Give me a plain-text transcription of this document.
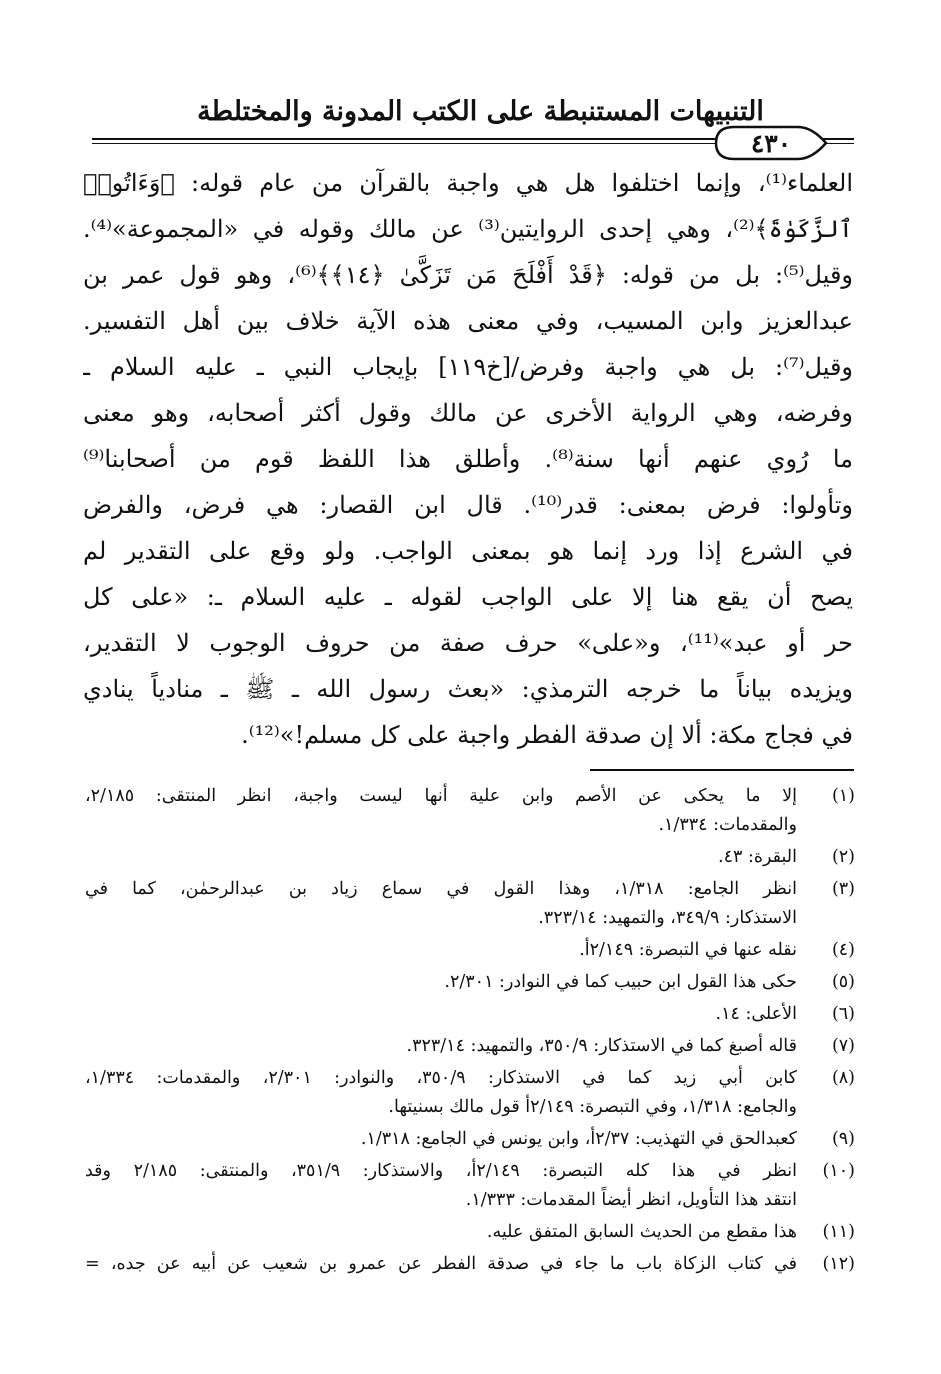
التنبيهات المستنبطة على الكتب المدونة والمختلطة
٤٣٠
العلماء⁽¹⁾، وإنما اختلفوا هل هي واجبة بالقرآن من عام قوله: ﴿وَءَاتُوا۟
ٱلزَّكَوٰةَ﴾⁽²⁾، وهي إحدى الروايتين⁽³⁾ عن مالك وقوله في «المجموعة»⁽⁴⁾.
وقيل⁽⁵⁾: بل من قوله: ﴿قَدْ أَفْلَحَ مَن تَزَكَّىٰ ﴿١٤﴾﴾⁽⁶⁾، وهو قول عمر بن
عبدالعزيز وابن المسيب، وفي معنى هذه الآية خلاف بين أهل التفسير.
وقيل⁽⁷⁾: بل هي واجبة وفرض/[خ١١٩] بإيجاب النبي ـ عليه السلام ـ
وفرضه، وهي الرواية الأخرى عن مالك وقول أكثر أصحابه، وهو معنى
ما رُوي عنهم أنها سنة⁽⁸⁾. وأطلق هذا اللفظ قوم من أصحابنا⁽⁹⁾
وتأولوا: فرض بمعنى: قدر⁽¹⁰⁾. قال ابن القصار: هي فرض، والفرض
في الشرع إذا ورد إنما هو بمعنى الواجب. ولو وقع على التقدير لم
يصح أن يقع هنا إلا على الواجب لقوله ـ عليه السلام ـ: «على كل
حر أو عبد»⁽¹¹⁾، و«على» حرف صفة من حروف الوجوب لا التقدير،
ويزيده بياناً ما خرجه الترمذي: «بعث رسول الله ـ ﷺ ـ منادياً ينادي
في فجاج مكة: ألا إن صدقة الفطر واجبة على كل مسلم!»⁽¹²⁾.
(١)
إلا ما يحكى عن الأصم وابن علية أنها ليست واجبة، انظر المنتقى: ٢/١٨٥،
والمقدمات: ١/٣٣٤.
(٢)
البقرة: ٤٣.
(٣)
انظر الجامع: ١/٣١٨، وهذا القول في سماع زياد بن عبدالرحمٰن، كما في
الاستذكار: ٣٤٩/٩، والتمهيد: ٣٢٣/١٤.
(٤)
نقله عنها في التبصرة: ٢/١٤٩أ.
(٥)
حكى هذا القول ابن حبيب كما في النوادر: ٢/٣٠١.
(٦)
الأعلى: ١٤.
(٧)
قاله أصبغ كما في الاستذكار: ٣٥٠/٩، والتمهيد: ٣٢٣/١٤.
(٨)
كابن أبي زيد كما في الاستذكار: ٣٥٠/٩، والنوادر: ٢/٣٠١، والمقدمات: ١/٣٣٤،
والجامع: ١/٣١٨، وفي التبصرة: ٢/١٤٩أ قول مالك بسنيتها.
(٩)
كعبدالحق في التهذيب: ٢/٣٧أ، وابن يونس في الجامع: ١/٣١٨.
(١٠)
انظر في هذا كله التبصرة: ٢/١٤٩أ، والاستذكار: ٣٥١/٩، والمنتقى: ٢/١٨٥ وقد
انتقد هذا التأويل، انظر أيضاً المقدمات: ١/٣٣٣.
(١١)
هذا مقطع من الحديث السابق المتفق عليه.
(١٢)
في كتاب الزكاة باب ما جاء في صدقة الفطر عن عمرو بن شعيب عن أبيه عن جده، =
